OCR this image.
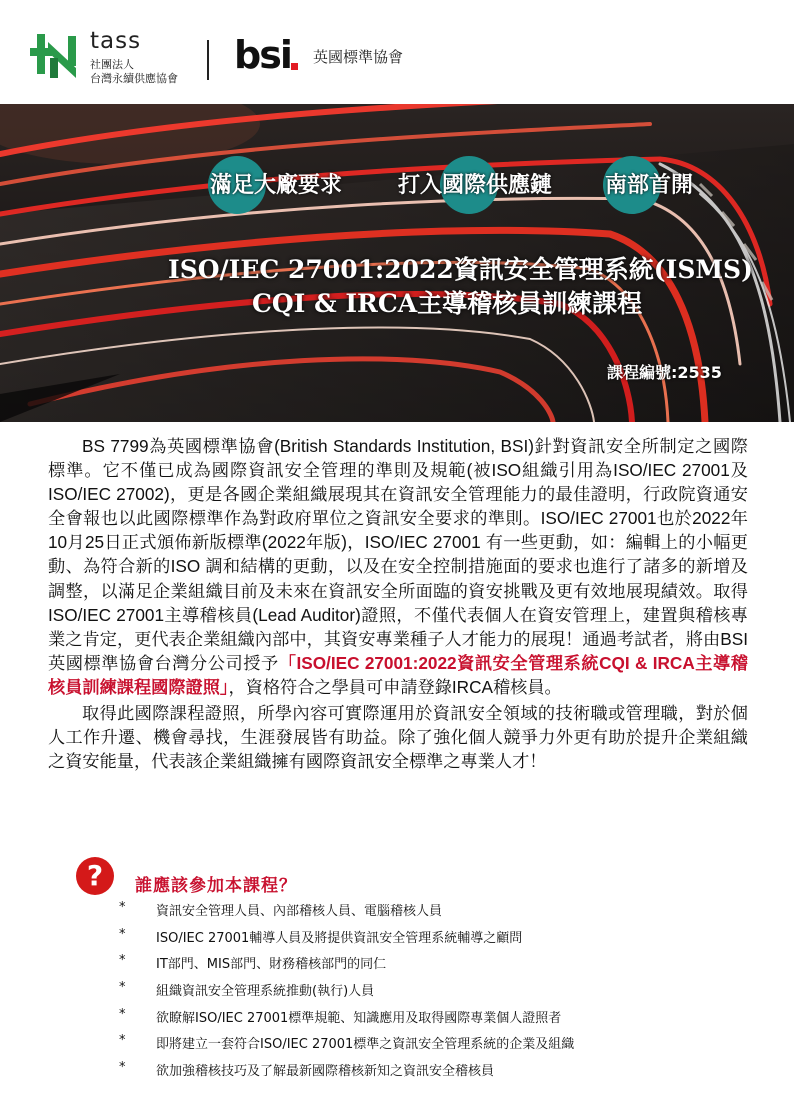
tass
社團法人
台灣永續供應協會
bsi 英國標準協會
滿足大廠要求	打入國際供應鏈 南部首開
ISO/IEC 27001:2022資訊安全管理系統(ISMS)
CQI & IRCA主導稽核員訓練課程
課程編號:2535

BS 7799為英國標準協會(British Standards Institution, BSI)針對資訊安全所制定之國際標準。它不僅已成為國際資訊安全管理的準則及規範(被ISO組織引用為ISO/IEC 27001及ISO/IEC 27002)，更是各國企業組織展現其在資訊安全管理能力的最佳證明，行政院資通安全會報也以此國際標準作為對政府單位之資訊安全要求的準則。ISO/IEC 27001也於2022年10月25日正式頒佈新版標準(2022年版)，ISO/IEC 27001 有一些更動，如：編輯上的小幅更動、為符合新的ISO 調和結構的更動，以及在安全控制措施面的要求也進行了諸多的新增及調整，以滿足企業組織目前及未來在資訊安全所面臨的資安挑戰及更有效地展現績效。取得ISO/IEC 27001主導稽核員(Lead Auditor)證照，不僅代表個人在資安管理上，建置與稽核專業之肯定，更代表企業組織內部中，其資安專業種子人才能力的展現！通過考試者，將由BSI英國標準協會台灣分公司授予「ISO/IEC 27001:2022資訊安全管理系統CQI & IRCA主導稽核員訓練課程國際證照」，資格符合之學員可申請登錄IRCA稽核員。

取得此國際課程證照，所學內容可實際運用於資訊安全領域的技術職或管理職，對於個人工作升遷、機會尋找，生涯發展皆有助益。除了強化個人競爭力外更有助於提升企業組織之資安能量，代表該企業組織擁有國際資訊安全標準之專業人才！

?	誰應該參加本課程？
* 資訊安全管理人員、內部稽核人員、電腦稽核人員
* ISO/IEC 27001輔導人員及將提供資訊安全管理系統輔導之顧問
* IT部門、MIS部門、財務稽核部門的同仁
* 組織資訊安全管理系統推動(執行)人員
* 欲瞭解ISO/IEC 27001標準規範、知識應用及取得國際專業個人證照者
* 即將建立一套符合ISO/IEC 27001標準之資訊安全管理系統的企業及組織
* 欲加強稽核技巧及了解最新國際稽核新知之資訊安全稽核員
